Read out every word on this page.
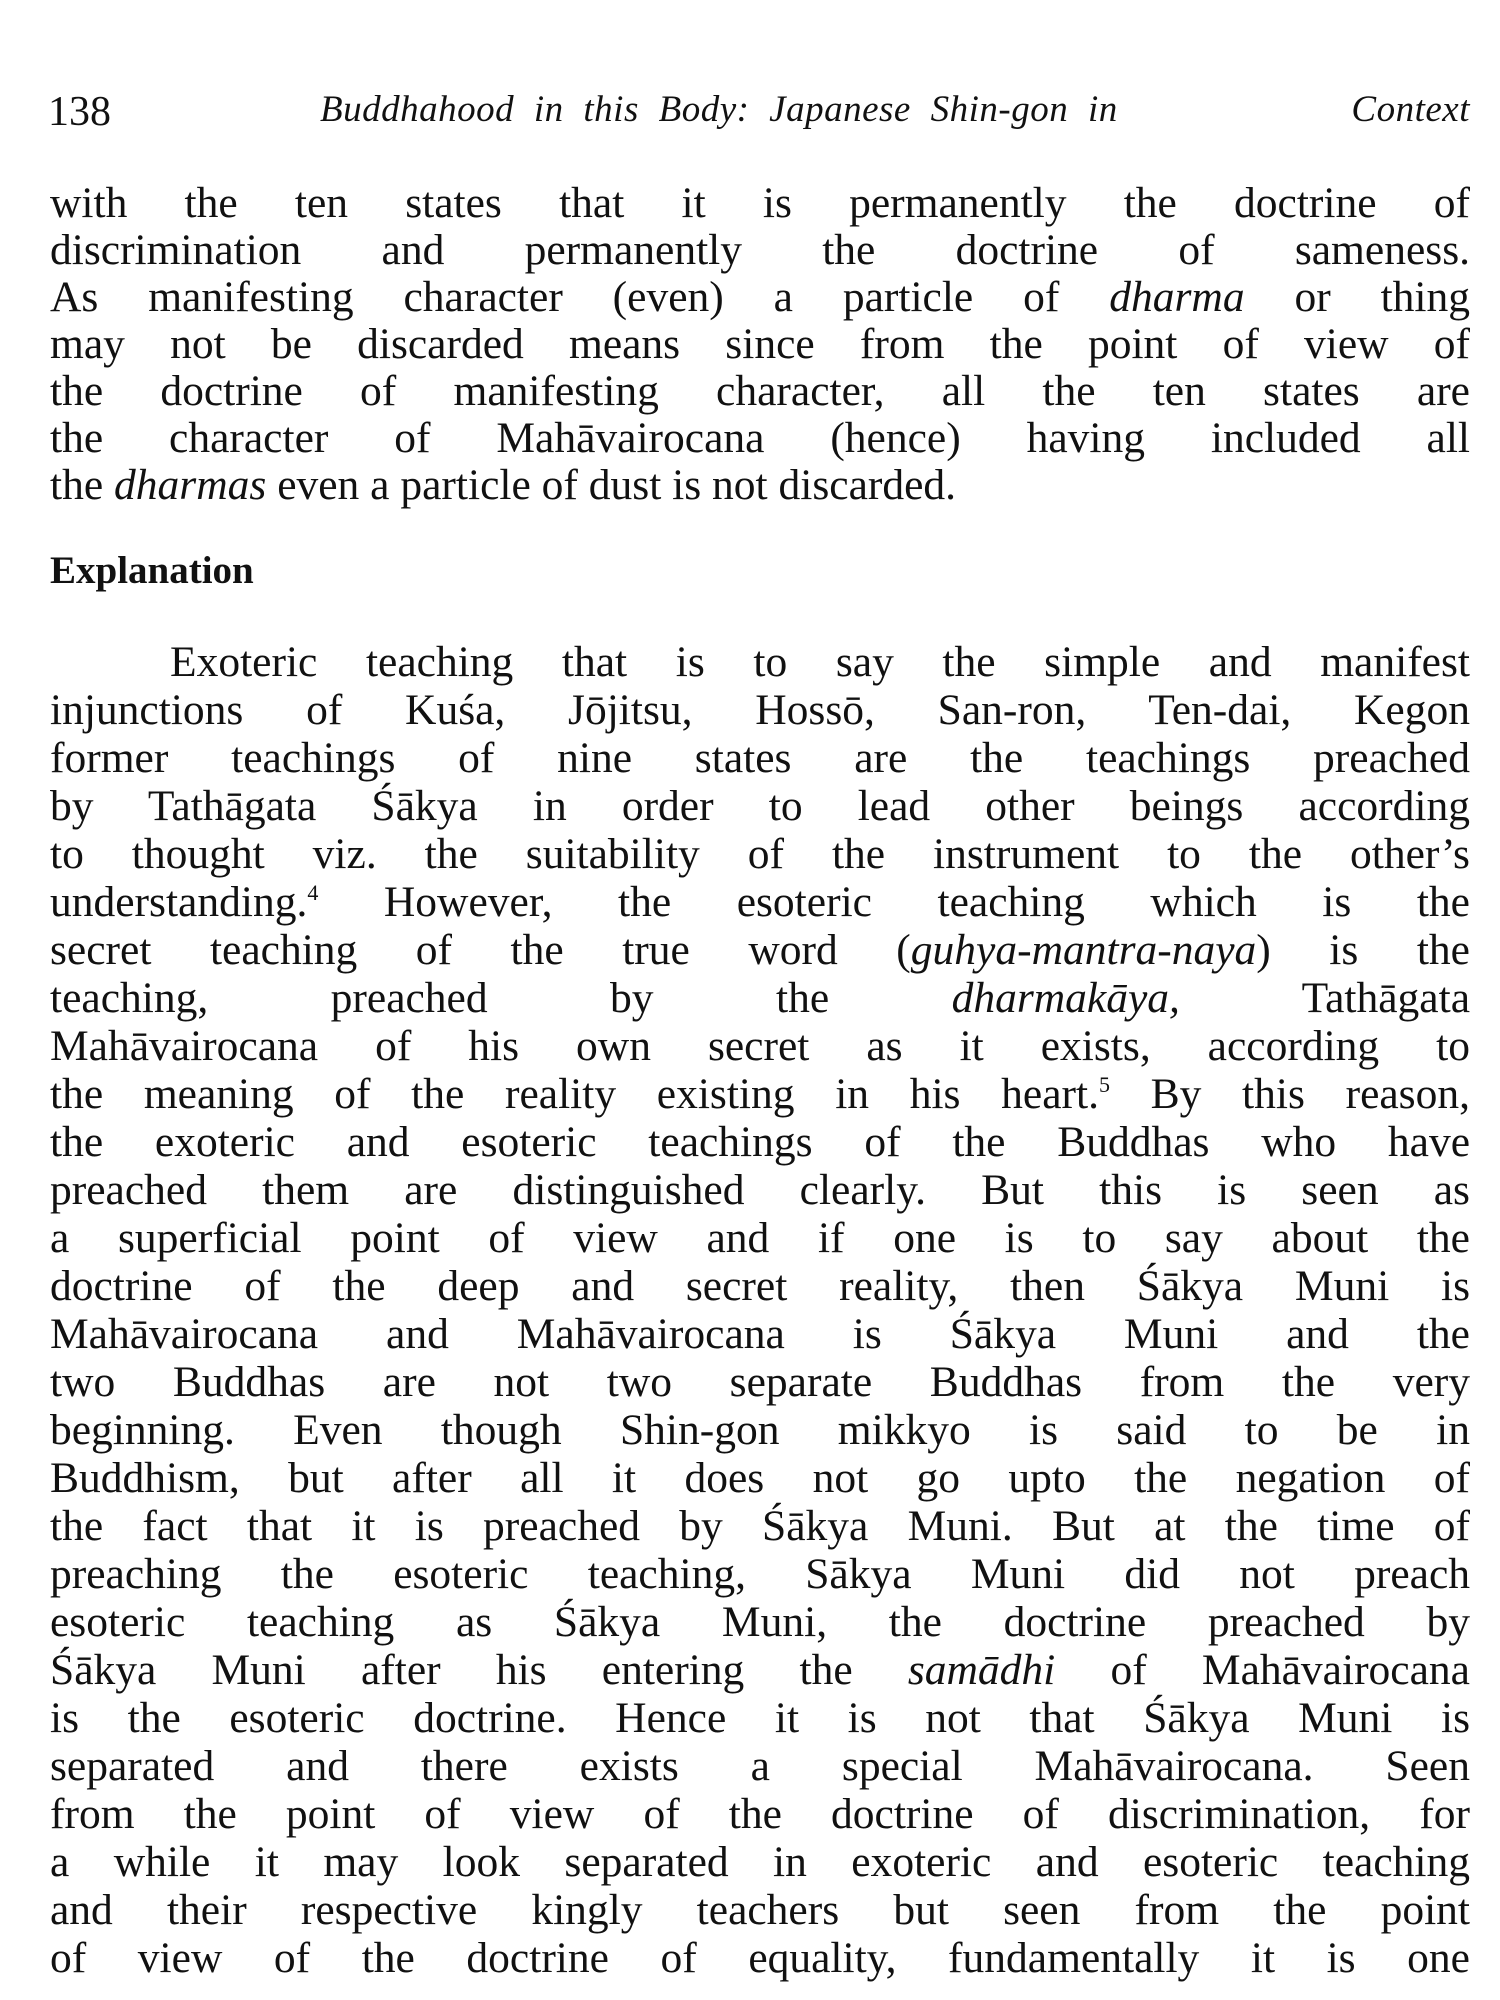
138	Buddhahood in this Body: Japanese Shin-gon in	Context
with the ten states that it is permanently the doctrine of
discrimination and permanently the doctrine of sameness.
As manifesting character (even) a particle of dharma or thing
may not be discarded means since from the point of view of
the doctrine of manifesting character, all the ten states are
the character of Mahāvairocana (hence) having included all
the dharmas even a particle of dust is not discarded.
Explanation
Exoteric teaching that is to say the simple and manifest
injunctions of Kuśa, Jōjitsu, Hossō, San-ron, Ten-dai, Kegon
former teachings of nine states are the teachings preached
by Tathāgata Śākya in order to lead other beings according
to thought viz. the suitability of the instrument to the other’s
understanding.$^4$ However, the esoteric teaching which is the
secret teaching of the true word (guhya-mantra-naya) is the
teaching, preached by the dharmakāya, Tathāgata
Mahāvairocana of his own secret as it exists, according to
the meaning of the reality existing in his heart.$^5$ By this reason,
the exoteric and esoteric teachings of the Buddhas who have
preached them are distinguished clearly. But this is seen as
a superficial point of view and if one is to say about the
doctrine of the deep and secret reality, then Śākya Muni is
Mahāvairocana and Mahāvairocana is Śākya Muni and the
two Buddhas are not two separate Buddhas from the very
beginning. Even though Shin-gon mikkyo is said to be in
Buddhism, but after all it does not go upto the negation of
the fact that it is preached by Śākya Muni. But at the time of
preaching the esoteric teaching, Sākya Muni did not preach
esoteric teaching as Śākya Muni, the doctrine preached by
Śākya Muni after his entering the samādhi of Mahāvairocana
is the esoteric doctrine. Hence it is not that Śākya Muni is
separated and there exists a special Mahāvairocana. Seen
from the point of view of the doctrine of discrimination, for
a while it may look separated in exoteric and esoteric teaching
and their respective kingly teachers but seen from the point
of view of the doctrine of equality, fundamentally it is one
